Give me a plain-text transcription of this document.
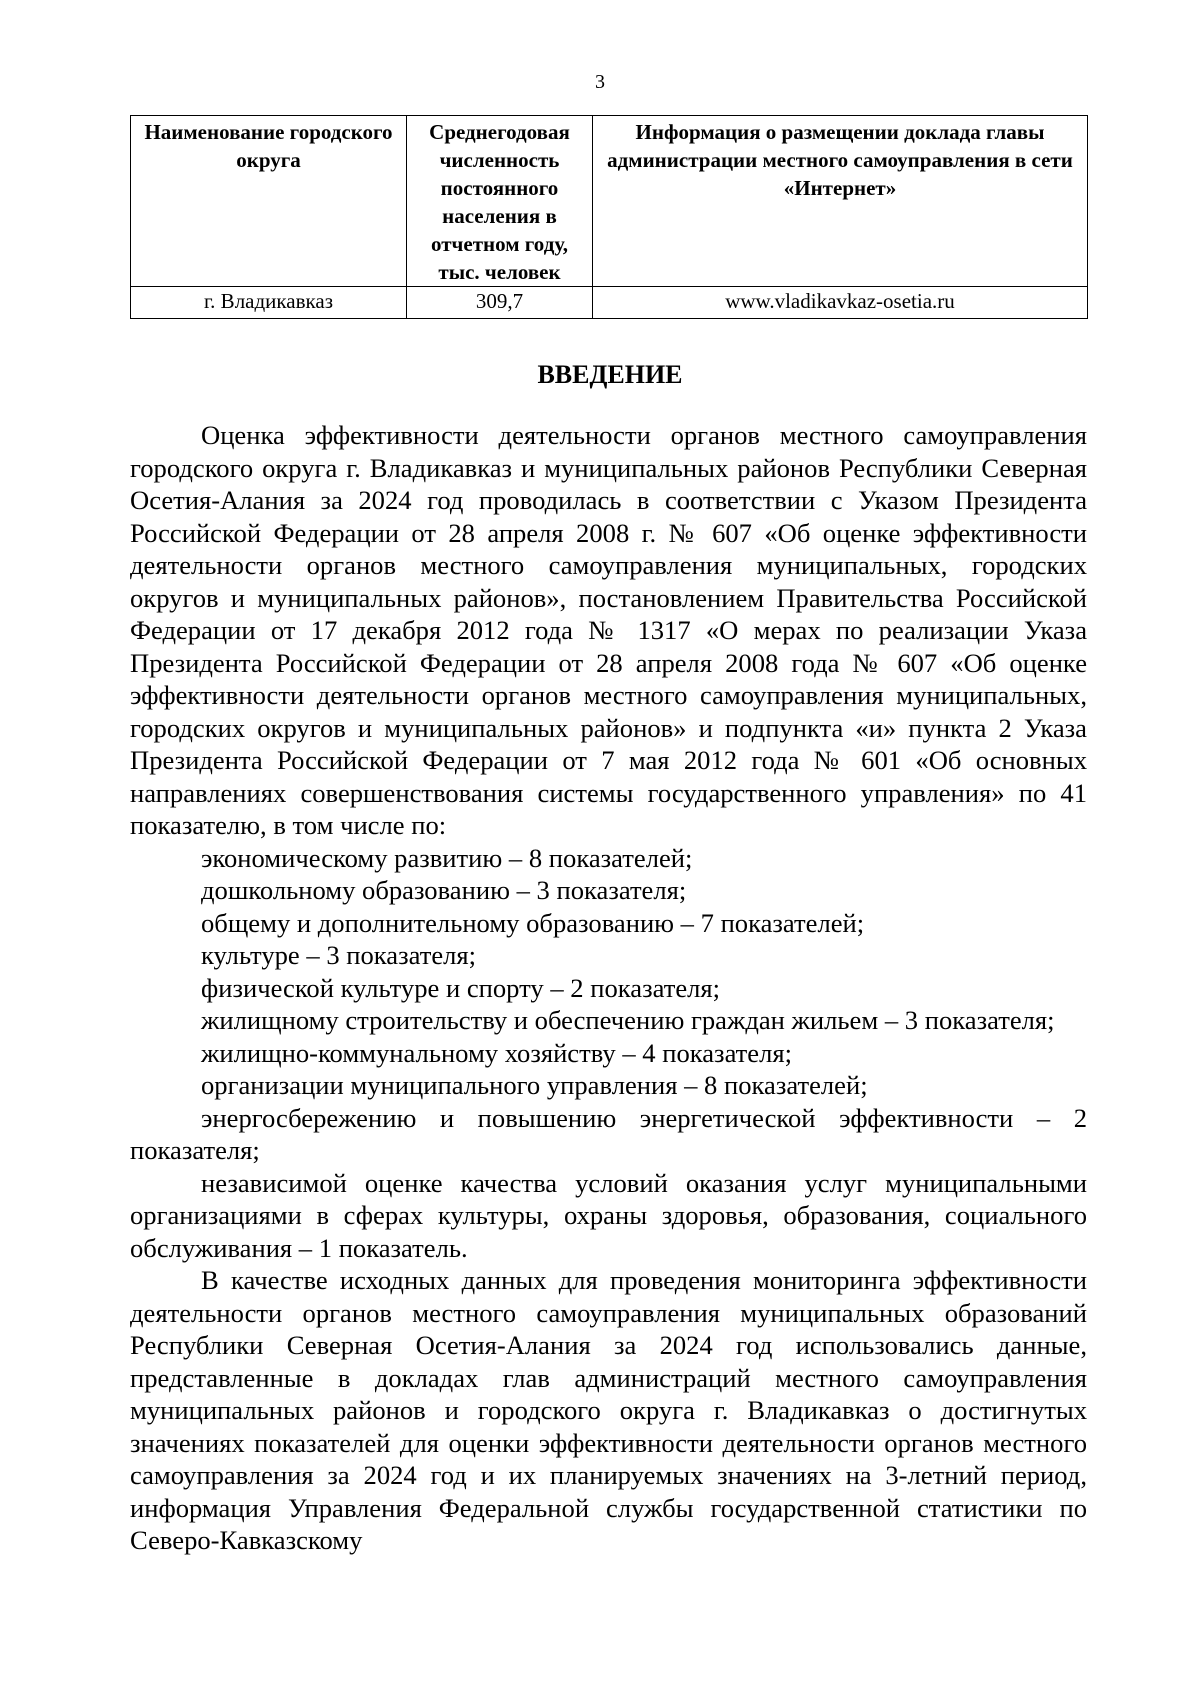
3
Наименование городского округа	Среднегодовая численность постоянного населения в отчетном году, тыс. человек	Информация о размещении доклада главы администрации местного самоуправления в сети «Интернет»
г. Владикавказ	309,7	www.vladikavkaz-osetia.ru
ВВЕДЕНИЕ

Оценка эффективности деятельности органов местного самоуправления городского округа г. Владикавказ и муниципальных районов Республики Северная Осетия-Алания за 2024 год проводилась в соответствии с Указом Президента Российской Федерации от 28 апреля 2008 г. № 607 «Об оценке эффективности деятельности органов местного самоуправления муниципальных, городских округов и муниципальных районов», постановлением Правительства Российской Федерации от 17 декабря 2012 года № 1317 «О мерах по реализации Указа Президента Российской Федерации от 28 апреля 2008 года № 607 «Об оценке эффективности деятельности органов местного самоуправления муниципальных, городских округов и муниципальных районов» и подпункта «и» пункта 2 Указа Президента Российской Федерации от 7 мая 2012 года № 601 «Об основных направлениях совершенствования системы государственного управления» по 41 показателю, в том числе по:

экономическому развитию – 8 показателей;

дошкольному образованию – 3 показателя;

общему и дополнительному образованию – 7 показателей;

культуре – 3 показателя;

физической культуре и спорту – 2 показателя;

жилищному строительству и обеспечению граждан жильем – 3 показателя;

жилищно-коммунальному хозяйству – 4 показателя;

организации муниципального управления – 8 показателей;

энергосбережению и повышению энергетической эффективности – 2 показателя;

независимой оценке качества условий оказания услуг муниципальными организациями в сферах культуры, охраны здоровья, образования, социального обслуживания – 1 показатель.

В качестве исходных данных для проведения мониторинга эффективности деятельности органов местного самоуправления муниципальных образований Республики Северная Осетия-Алания за 2024 год использовались данные, представленные в докладах глав администраций местного самоуправления муниципальных районов и городского округа г. Владикавказ о достигнутых значениях показателей для оценки эффективности деятельности органов местного самоуправления за 2024 год и их планируемых значениях на 3-летний период, информация Управления Федеральной службы государственной статистики по Северо-Кавказскому
